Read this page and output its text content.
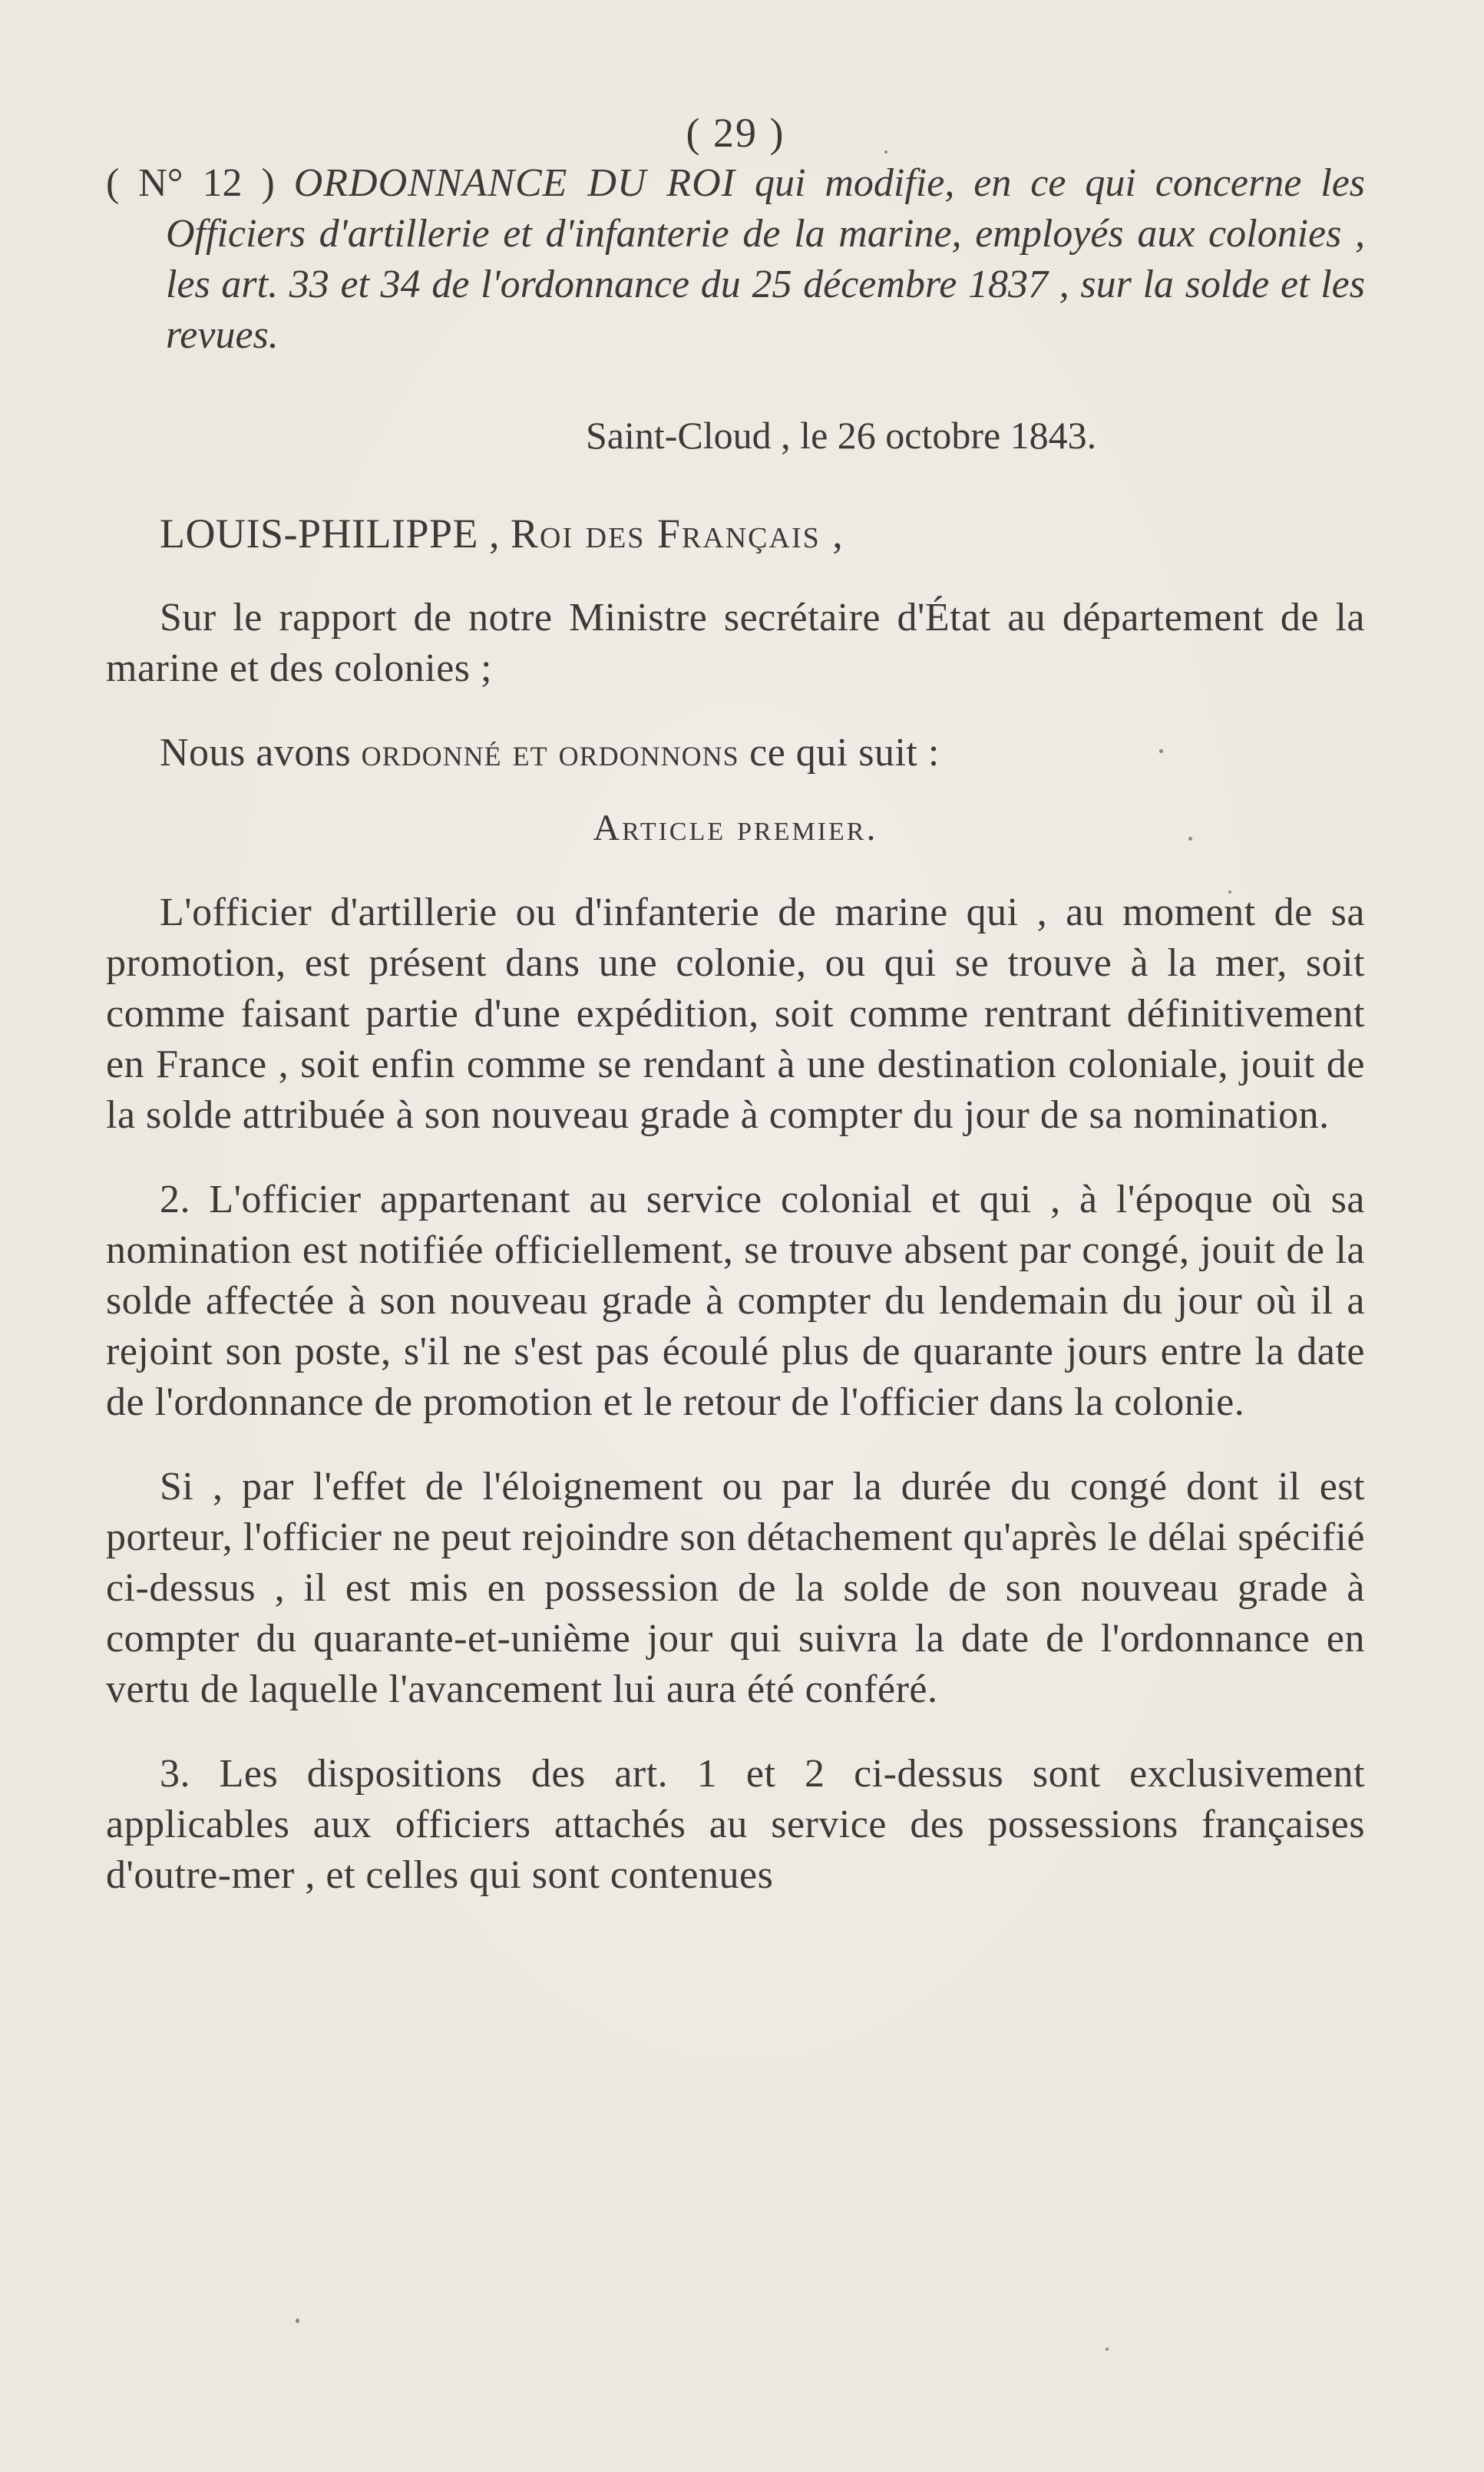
( 29 )

( N° 12 ) ORDONNANCE DU ROI qui modifie, en ce qui concerne les Officiers d'artillerie et d'infanterie de la marine, employés aux colonies , les art. 33 et 34 de l'ordonnance du 25 décembre 1837 , sur la solde et les revues.

Saint-Cloud , le 26 octobre 1843.

LOUIS-PHILIPPE , Roi des Français ,

Sur le rapport de notre Ministre secrétaire d'État au département de la marine et des colonies ;

Nous avons ordonné et ordonnons ce qui suit :

Article premier.

L'officier d'artillerie ou d'infanterie de marine qui , au moment de sa promotion, est présent dans une colonie, ou qui se trouve à la mer, soit comme faisant partie d'une expédition, soit comme rentrant définitivement en France , soit enfin comme se rendant à une destination coloniale, jouit de la solde attribuée à son nouveau grade à compter du jour de sa nomination.

2. L'officier appartenant au service colonial et qui , à l'époque où sa nomination est notifiée officiellement, se trouve absent par congé, jouit de la solde affectée à son nouveau grade à compter du lendemain du jour où il a rejoint son poste, s'il ne s'est pas écoulé plus de quarante jours entre la date de l'ordonnance de promotion et le retour de l'officier dans la colonie.

Si , par l'effet de l'éloignement ou par la durée du congé dont il est porteur, l'officier ne peut rejoindre son détachement qu'après le délai spécifié ci-dessus , il est mis en possession de la solde de son nouveau grade à compter du quarante-et-unième jour qui suivra la date de l'ordonnance en vertu de laquelle l'avancement lui aura été conféré.

3. Les dispositions des art. 1 et 2 ci-dessus sont exclusivement applicables aux officiers attachés au service des possessions françaises d'outre-mer , et celles qui sont contenues
